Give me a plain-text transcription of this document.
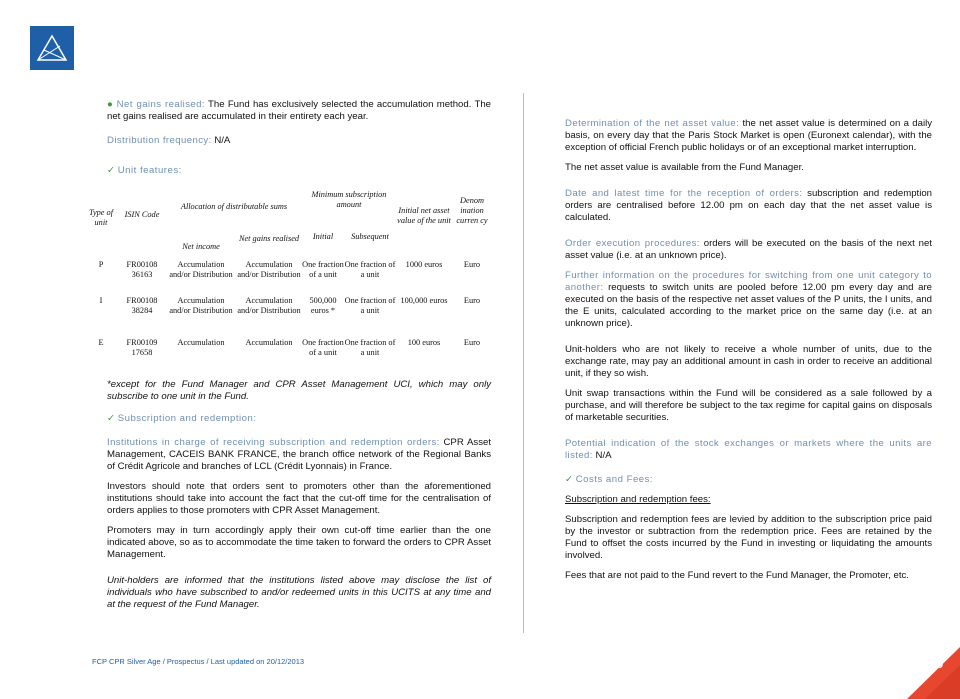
● Net gains realised: The Fund has exclusively selected the accumulation method. The net gains realised are accumulated in their entirety each year.
Distribution frequency: N/A
✓ Unit features:
Type of unit	ISIN Code	Allocation of distributable sums		Minimum subscription amount		Initial net asset value of the unit	Denom ination curren cy
		Net income	Net gains realised	Initial	Subsequent		
P	FR00108 36163	Accumulation and/or Distribution	Accumulation and/or Distribution	One fraction of a unit	One fraction of a unit	1000 euros	Euro
I	FR00108 38284	Accumulation and/or Distribution	Accumulation and/or Distribution	500,000 euros *	One fraction of a unit	100,000 euros	Euro
E	FR00109 17658	Accumulation	Accumulation	One fraction of a unit	One fraction of a unit	100 euros	Euro
*except for the Fund Manager and CPR Asset Management UCI, which may only subscribe to one unit in the Fund.
✓ Subscription and redemption:
Institutions in charge of receiving subscription and redemption orders: CPR Asset Management, CACEIS BANK FRANCE, the branch office network of the Regional Banks of Crédit Agricole and branches of LCL (Crédit Lyonnais) in France.
Investors should note that orders sent to promoters other than the aforementioned institutions should take into account the fact that the cut-off time for the centralisation of orders applies to those promoters with CPR Asset Management.
Promoters may in turn accordingly apply their own cut-off time earlier than the one indicated above, so as to accommodate the time taken to forward the orders to CPR Asset Management.
Unit-holders are informed that the institutions listed above may disclose the list of individuals who have subscribed to and/or redeemed units in this UCITS at any time and at the request of the Fund Manager.
Determination of the net asset value: the net asset value is determined on a daily basis, on every day that the Paris Stock Market is open (Euronext calendar), with the exception of official French public holidays or of an exceptional market interruption.
The net asset value is available from the Fund Manager.
Date and latest time for the reception of orders: subscription and redemption orders are centralised before 12.00 pm on each day that the net asset value is calculated.
Order execution procedures: orders will be executed on the basis of the next net asset value (i.e. at an unknown price).
Further information on the procedures for switching from one unit category to another: requests to switch units are pooled before 12.00 pm every day and are executed on the basis of the respective net asset values of the P units, the I units, and the E units, calculated according to the market price on the same day (i.e. at an unknown price).
Unit-holders who are not likely to receive a whole number of units, due to the exchange rate, may pay an additional amount in cash in order to receive an additional unit, if they so wish.
Unit swap transactions within the Fund will be considered as a sale followed by a purchase, and will therefore be subject to the tax regime for capital gains on disposals of marketable securities.
Potential indication of the stock exchanges or markets where the units are listed: N/A
✓ Costs and Fees:
Subscription and redemption fees:
Subscription and redemption fees are levied by addition to the subscription price paid by the investor or subtraction from the redemption price. Fees are retained by the Fund to offset the costs incurred by the Fund in investing or liquidating the amounts involved.
Fees that are not paid to the Fund revert to the Fund Manager, the Promoter, etc.
FCP CPR Silver Age / Prospectus / Last updated on 20/12/2013	10
